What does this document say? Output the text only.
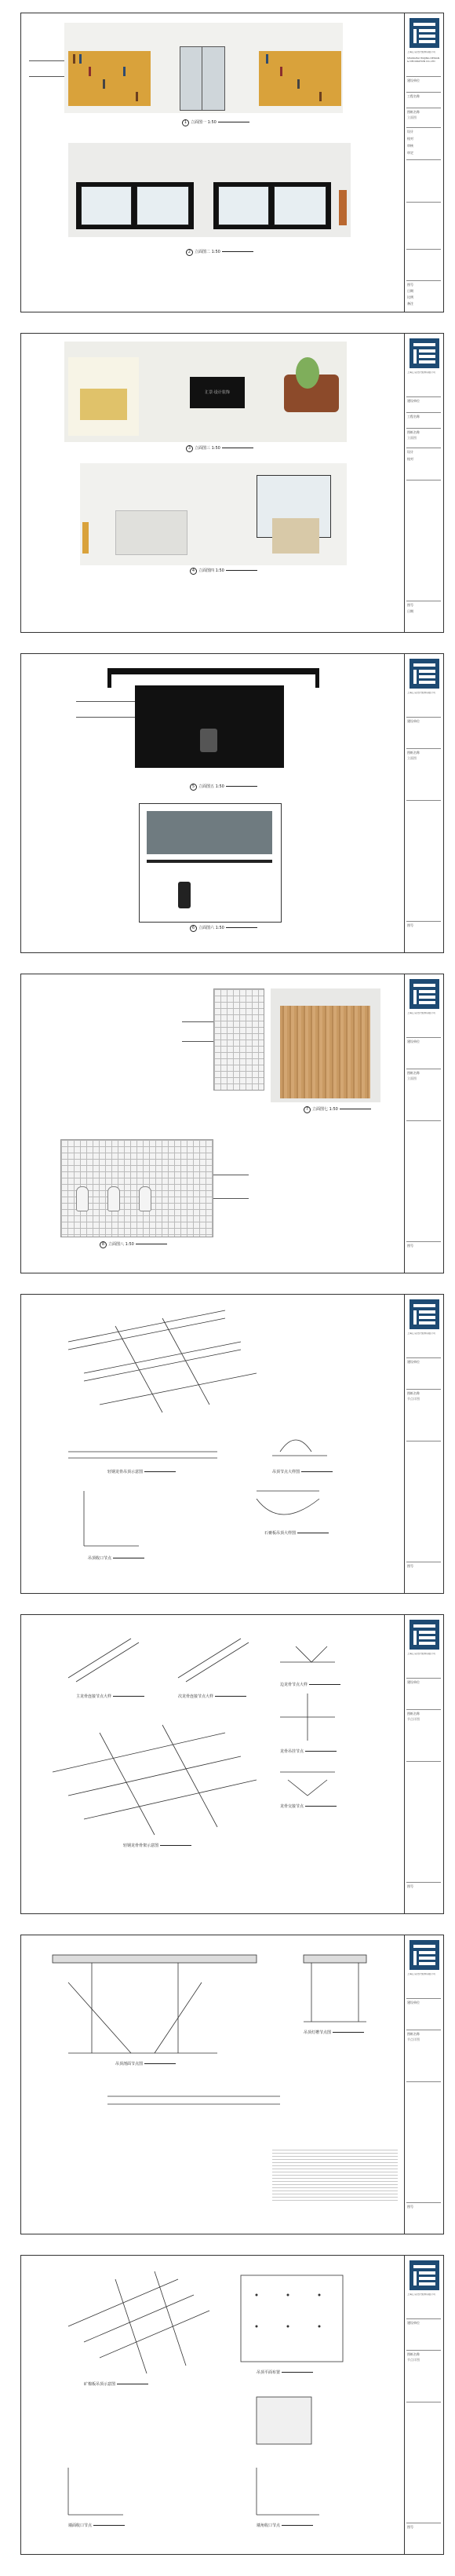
1 立面图一 1:50
2 立面图二 1:50
上海汇景设计装饰有限公司
SHANGHAI HUIJING DESIGN & DECORATION CO.,LTD
建设单位
工程名称
图纸名称
立面图
设计
校对
审核
审定
图号
日期
比例
备注
汇景·设计装饰
3 立面图三 1:50
4 立面图四 1:50
上海汇景设计装饰有限公司
建设单位
工程名称
图纸名称
立面图
设计
校对
图号
日期
5 立面图五 1:50
6 立面图六 1:50
上海汇景设计装饰有限公司
建设单位
图纸名称
立面图
图号
7 立面图七 1:50
8 立面图八 1:50
上海汇景设计装饰有限公司
建设单位
图纸名称
立面图
图号
轻钢龙骨吊顶示意图	吊顶节点大样图
吊顶收口节点
石膏板吊顶大样图
上海汇景设计装饰有限公司
建设单位
图纸名称
节点详图
图号
主龙骨连接节点大样	次龙骨连接节点大样
边龙骨节点大样
龙骨吊挂节点
龙骨交接节点
轻钢龙骨骨架示意图
上海汇景设计装饰有限公司
建设单位
图纸名称
节点详图
图号
吊顶剖面节点图
吊顶灯槽节点图
上海汇景设计装饰有限公司
建设单位
图纸名称
节点详图
图号
矿棉板吊顶示意图
吊顶平面布置
墙面收口节点	墙角收口节点
上海汇景设计装饰有限公司
建设单位
图纸名称
节点详图
图号
